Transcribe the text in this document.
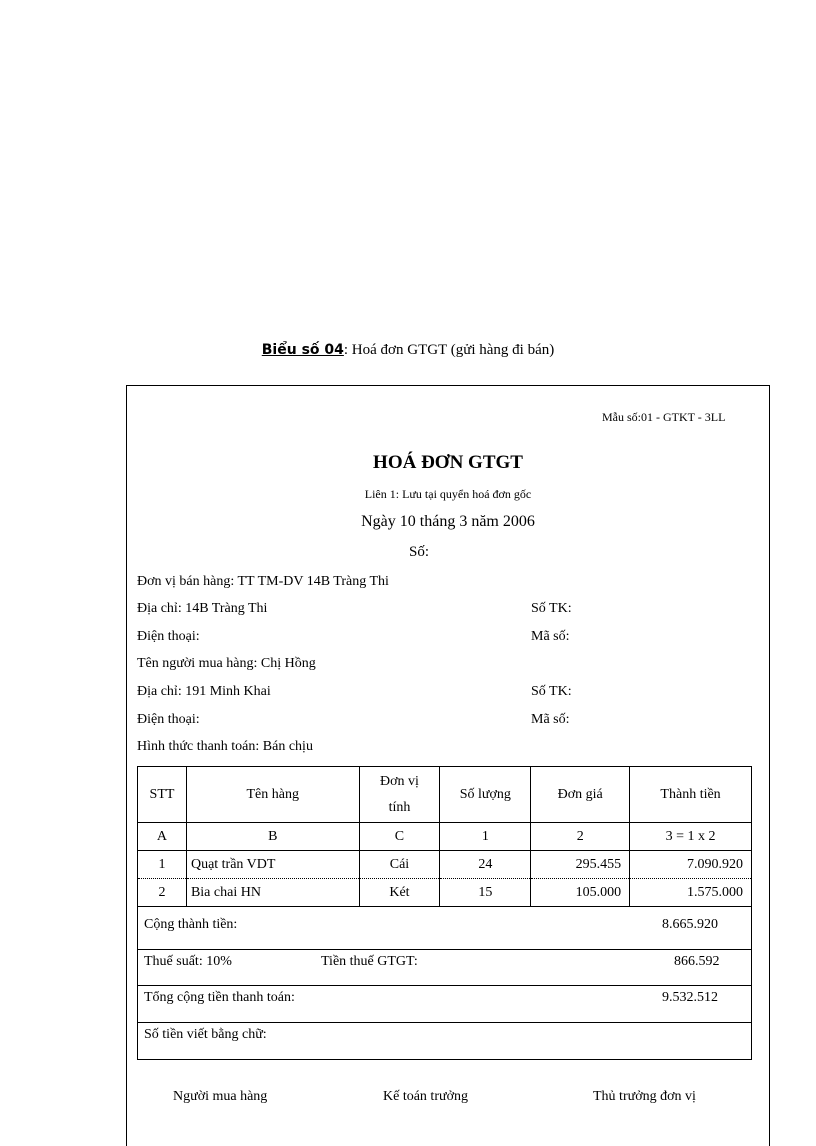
Biểu số 04: Hoá đơn GTGT (gửi hàng đi bán)
Mẫu số:01 - GTKT - 3LL
HOÁ ĐƠN GTGT
Liên 1: Lưu tại quyển hoá đơn gốc
Ngày 10 tháng 3 năm 2006
Số:
Đơn vị bán hàng: TT TM-DV 14B Tràng Thi
Địa chỉ: 14B Tràng Thi	Số TK:
Điện thoại:	Mã số:
Tên người mua hàng: Chị Hồng
Địa chỉ: 191 Minh Khai	Số TK:
Điện thoại:	Mã số:
Hình thức thanh toán: Bán chịu
STT	Tên hàng	Đơn vị
tính	Số lượng	Đơn giá	Thành tiền
A	B	C	1	2	3 = 1 x 2
1	Quạt trần VDT	Cái	24	295.455	7.090.920
2	Bia chai HN	Két	15	105.000	1.575.000
Cộng thành tiền:	8.665.920
Thuế suất: 10%	Tiền thuế GTGT:	866.592
Tổng cộng tiền thanh toán:	9.532.512
Số tiền viết bằng chữ:
Người mua hàng	Kế toán trưởng	Thủ trưởng đơn vị
